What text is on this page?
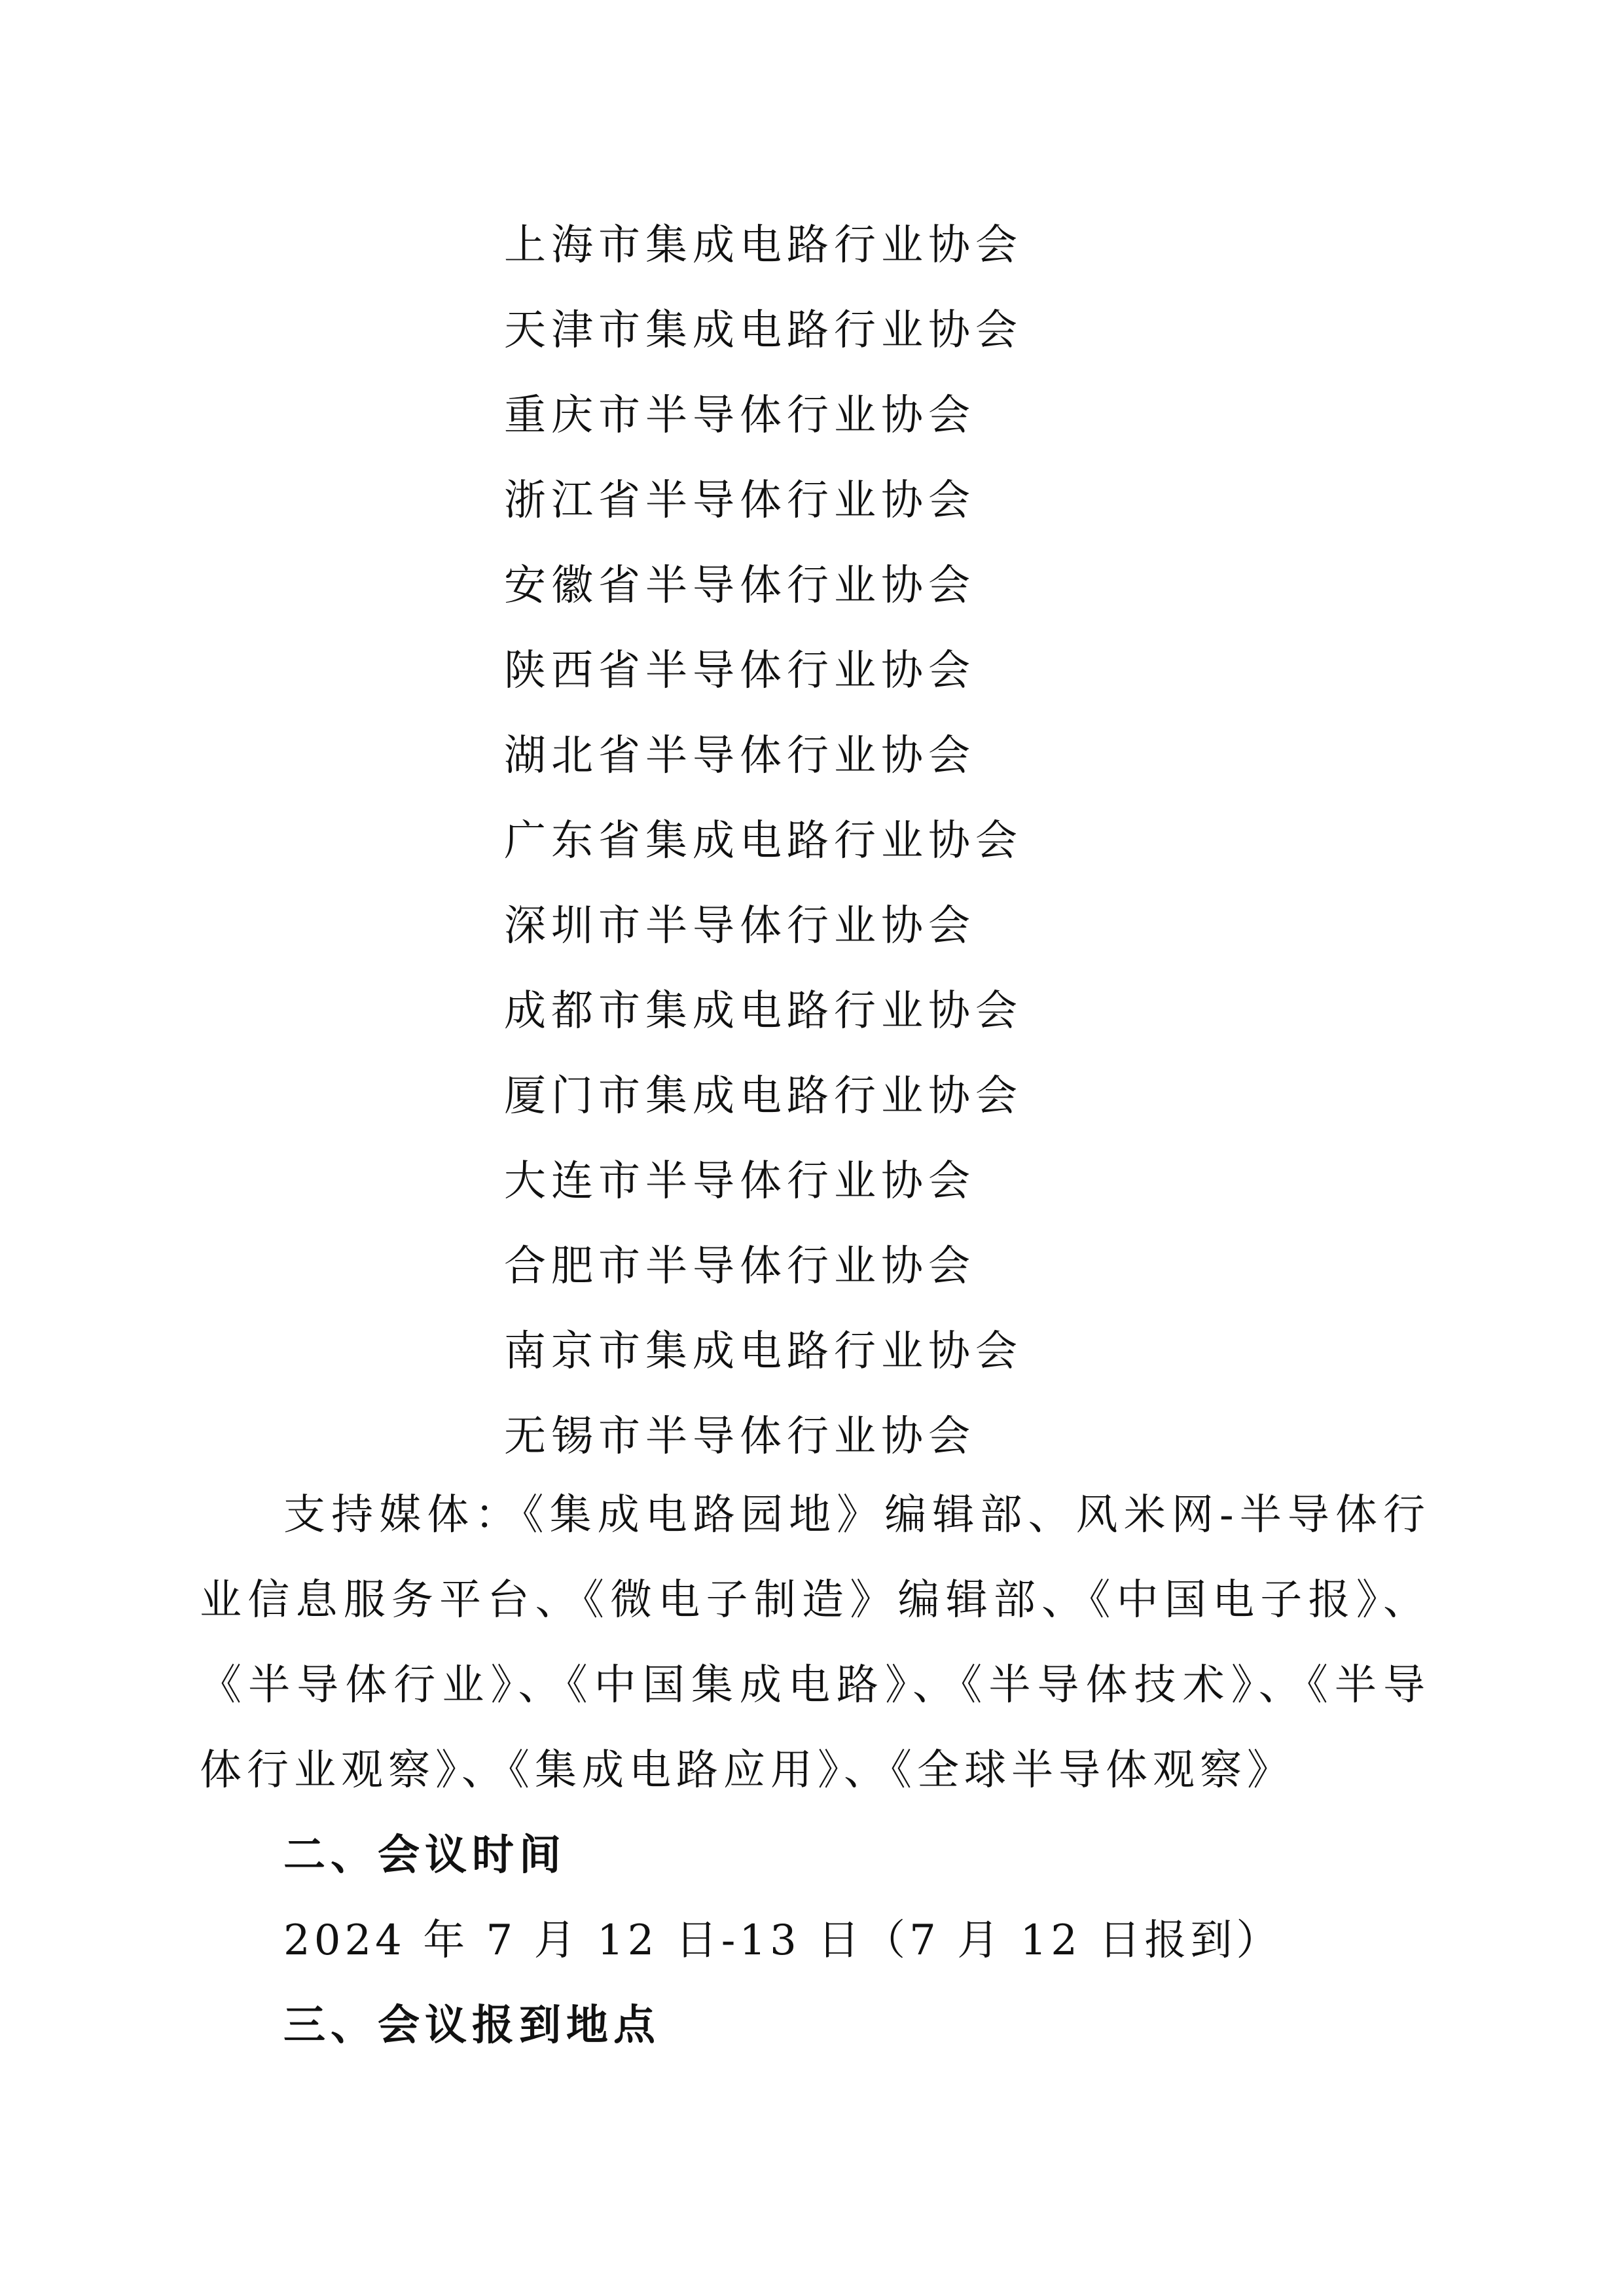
上海市集成电路行业协会
天津市集成电路行业协会
重庆市半导体行业协会
浙江省半导体行业协会
安徽省半导体行业协会
陕西省半导体行业协会
湖北省半导体行业协会
广东省集成电路行业协会
深圳市半导体行业协会
成都市集成电路行业协会
厦门市集成电路行业协会
大连市半导体行业协会
合肥市半导体行业协会
南京市集成电路行业协会
无锡市半导体行业协会

支持媒体：《集成电路园地》编辑部、风米网-半导体行业信息服务平台、《微电子制造》编辑部、《中国电子报》、《半导体行业》、《中国集成电路》、《半导体技术》、《半导体行业观察》、《集成电路应用》、《全球半导体观察》

二、会议时间

2024 年 7 月 12 日-13 日（7 月 12 日报到）

三、会议报到地点
